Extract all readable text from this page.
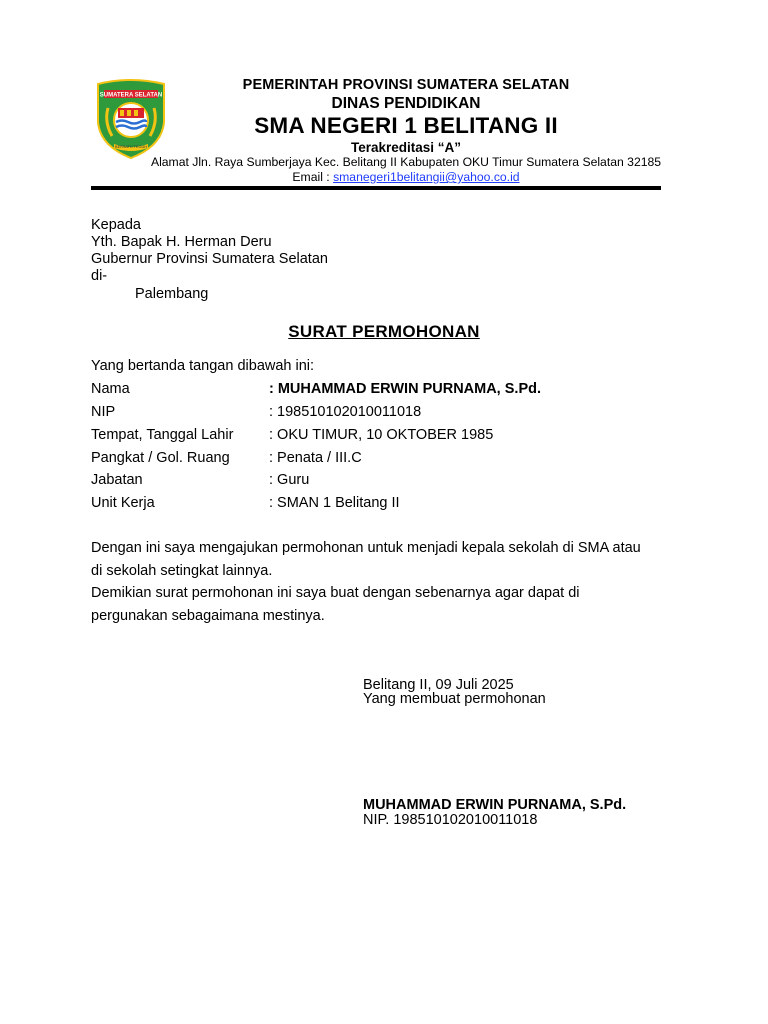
SUMATERA SELATAN
BERSATU TEGUH
PEMERINTAH PROVINSI SUMATERA SELATAN
DINAS PENDIDIKAN
SMA NEGERI 1 BELITANG II
Terakreditasi “A”
Alamat Jln. Raya Sumberjaya Kec. Belitang II Kabupaten OKU Timur Sumatera Selatan 32185
Email : smanegeri1belitangii@yahoo.co.id
Kepada
Yth. Bapak H. Herman Deru
Gubernur Provinsi Sumatera Selatan
di-
Palembang
SURAT PERMOHONAN
Yang bertanda tangan dibawah ini:
Nama	: MUHAMMAD ERWIN PURNAMA, S.Pd.
NIP	: 198510102010011018
Tempat, Tanggal Lahir : OKU TIMUR, 10 OKTOBER 1985
Pangkat / Gol. Ruang	: Penata / III.C
Jabatan	: Guru
Unit Kerja	: SMAN 1 Belitang II
Dengan ini saya mengajukan permohonan untuk menjadi kepala sekolah di SMA atau
di sekolah setingkat lainnya.
Demikian surat permohonan ini saya buat dengan sebenarnya agar dapat di
pergunakan sebagaimana mestinya.
Belitang II, 09 Juli 2025
Yang membuat permohonan
MUHAMMAD ERWIN PURNAMA, S.Pd.
NIP. 198510102010011018
